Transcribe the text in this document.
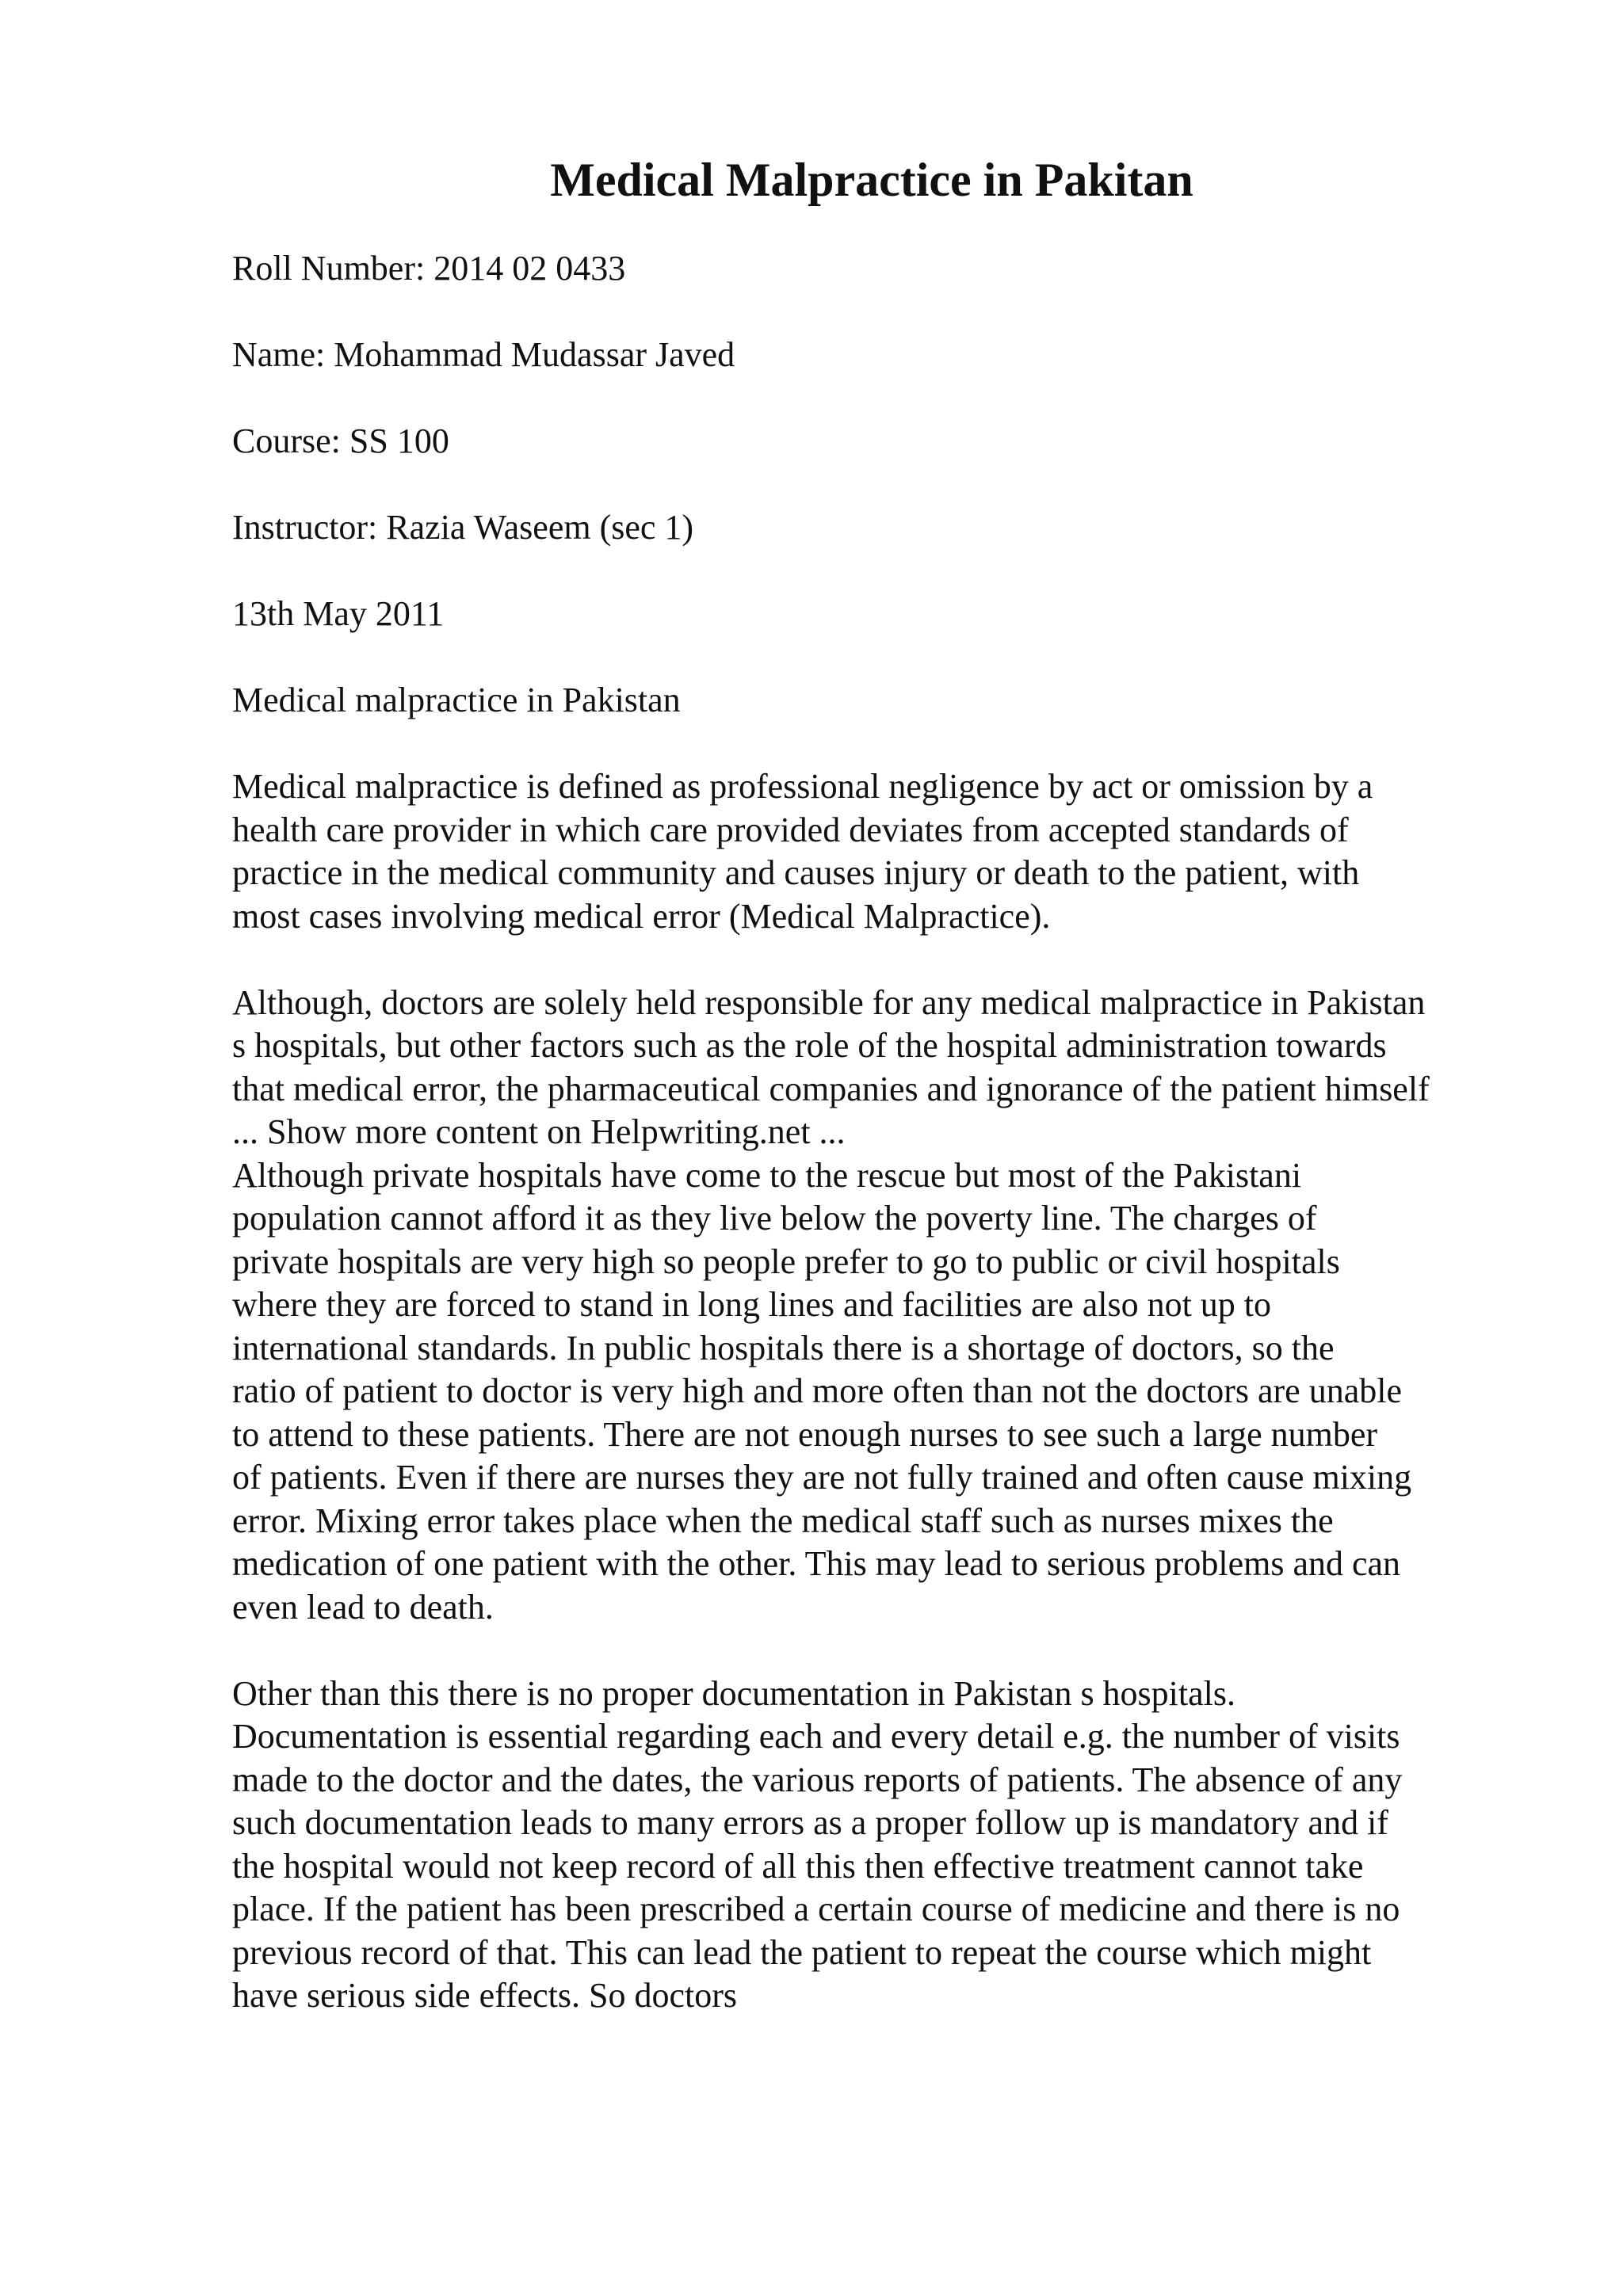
Medical Malpractice in Pakitan

Roll Number: 2014 02 0433

Name: Mohammad Mudassar Javed

Course: SS 100

Instructor: Razia Waseem (sec 1)

13th May 2011

Medical malpractice in Pakistan

Medical malpractice is defined as professional negligence by act or omission by a
health care provider in which care provided deviates from accepted standards of
practice in the medical community and causes injury or death to the patient, with
most cases involving medical error (Medical Malpractice).
Although, doctors are solely held responsible for any medical malpractice in Pakistan
s hospitals, but other factors such as the role of the hospital administration towards
that medical error, the pharmaceutical companies and ignorance of the patient himself
... Show more content on Helpwriting.net ...
Although private hospitals have come to the rescue but most of the Pakistani
population cannot afford it as they live below the poverty line. The charges of
private hospitals are very high so people prefer to go to public or civil hospitals
where they are forced to stand in long lines and facilities are also not up to
international standards. In public hospitals there is a shortage of doctors, so the
ratio of patient to doctor is very high and more often than not the doctors are unable
to attend to these patients. There are not enough nurses to see such a large number
of patients. Even if there are nurses they are not fully trained and often cause mixing
error. Mixing error takes place when the medical staff such as nurses mixes the
medication of one patient with the other. This may lead to serious problems and can
even lead to death.
Other than this there is no proper documentation in Pakistan s hospitals.
Documentation is essential regarding each and every detail e.g. the number of visits
made to the doctor and the dates, the various reports of patients. The absence of any
such documentation leads to many errors as a proper follow up is mandatory and if
the hospital would not keep record of all this then effective treatment cannot take
place. If the patient has been prescribed a certain course of medicine and there is no
previous record of that. This can lead the patient to repeat the course which might
have serious side effects. So doctors
